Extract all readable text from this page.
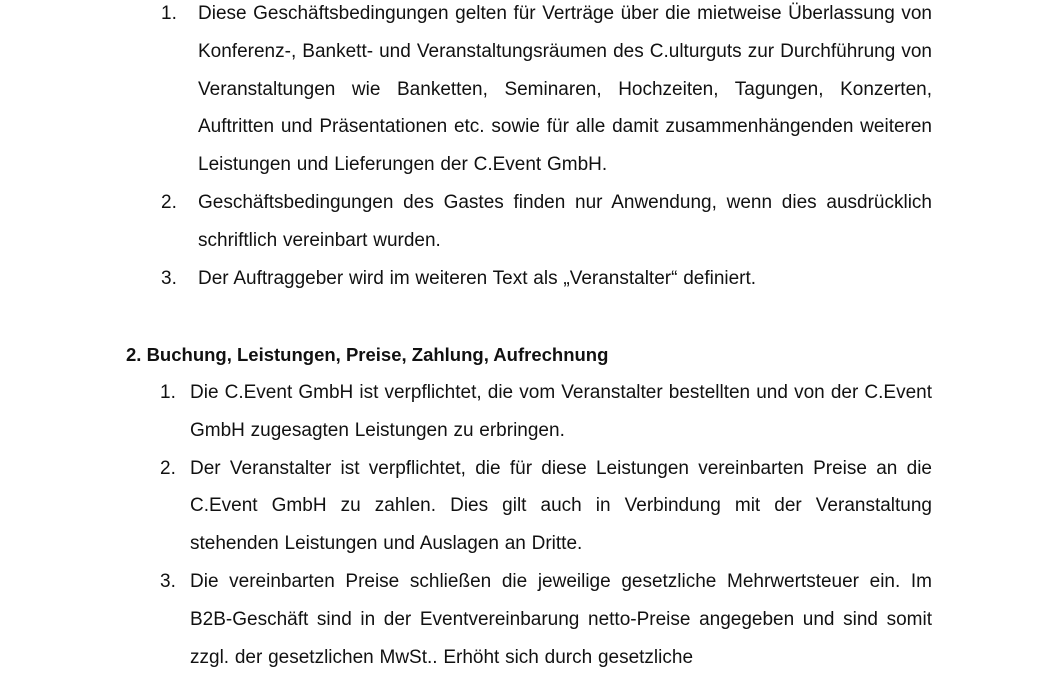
1. Diese Geschäftsbedingungen gelten für Verträge über die mietweise Überlassung von Konferenz-, Bankett- und Veranstaltungsräumen des C.ulturguts zur Durchführung von Veranstaltungen wie Banketten, Seminaren, Hochzeiten, Tagungen, Konzerten, Auftritten und Präsentationen etc. sowie für alle damit zusammenhängenden weiteren Leistungen und Lieferungen der C.Event GmbH.
2. Geschäftsbedingungen des Gastes finden nur Anwendung, wenn dies ausdrücklich schriftlich vereinbart wurden.
3. Der Auftraggeber wird im weiteren Text als „Veranstalter“ definiert.
2. Buchung, Leistungen, Preise, Zahlung, Aufrechnung
1. Die C.Event GmbH ist verpflichtet, die vom Veranstalter bestellten und von der C.Event GmbH zugesagten Leistungen zu erbringen.
2. Der Veranstalter ist verpflichtet, die für diese Leistungen vereinbarten Preise an die C.Event GmbH zu zahlen. Dies gilt auch in Verbindung mit der Veranstaltung stehenden Leistungen und Auslagen an Dritte.
3. Die vereinbarten Preise schließen die jeweilige gesetzliche Mehrwertsteuer ein. Im B2B-Geschäft sind in der Eventvereinbarung netto-Preise angegeben und sind somit zzgl. der gesetzlichen MwSt.. Erhöht sich durch gesetzliche
